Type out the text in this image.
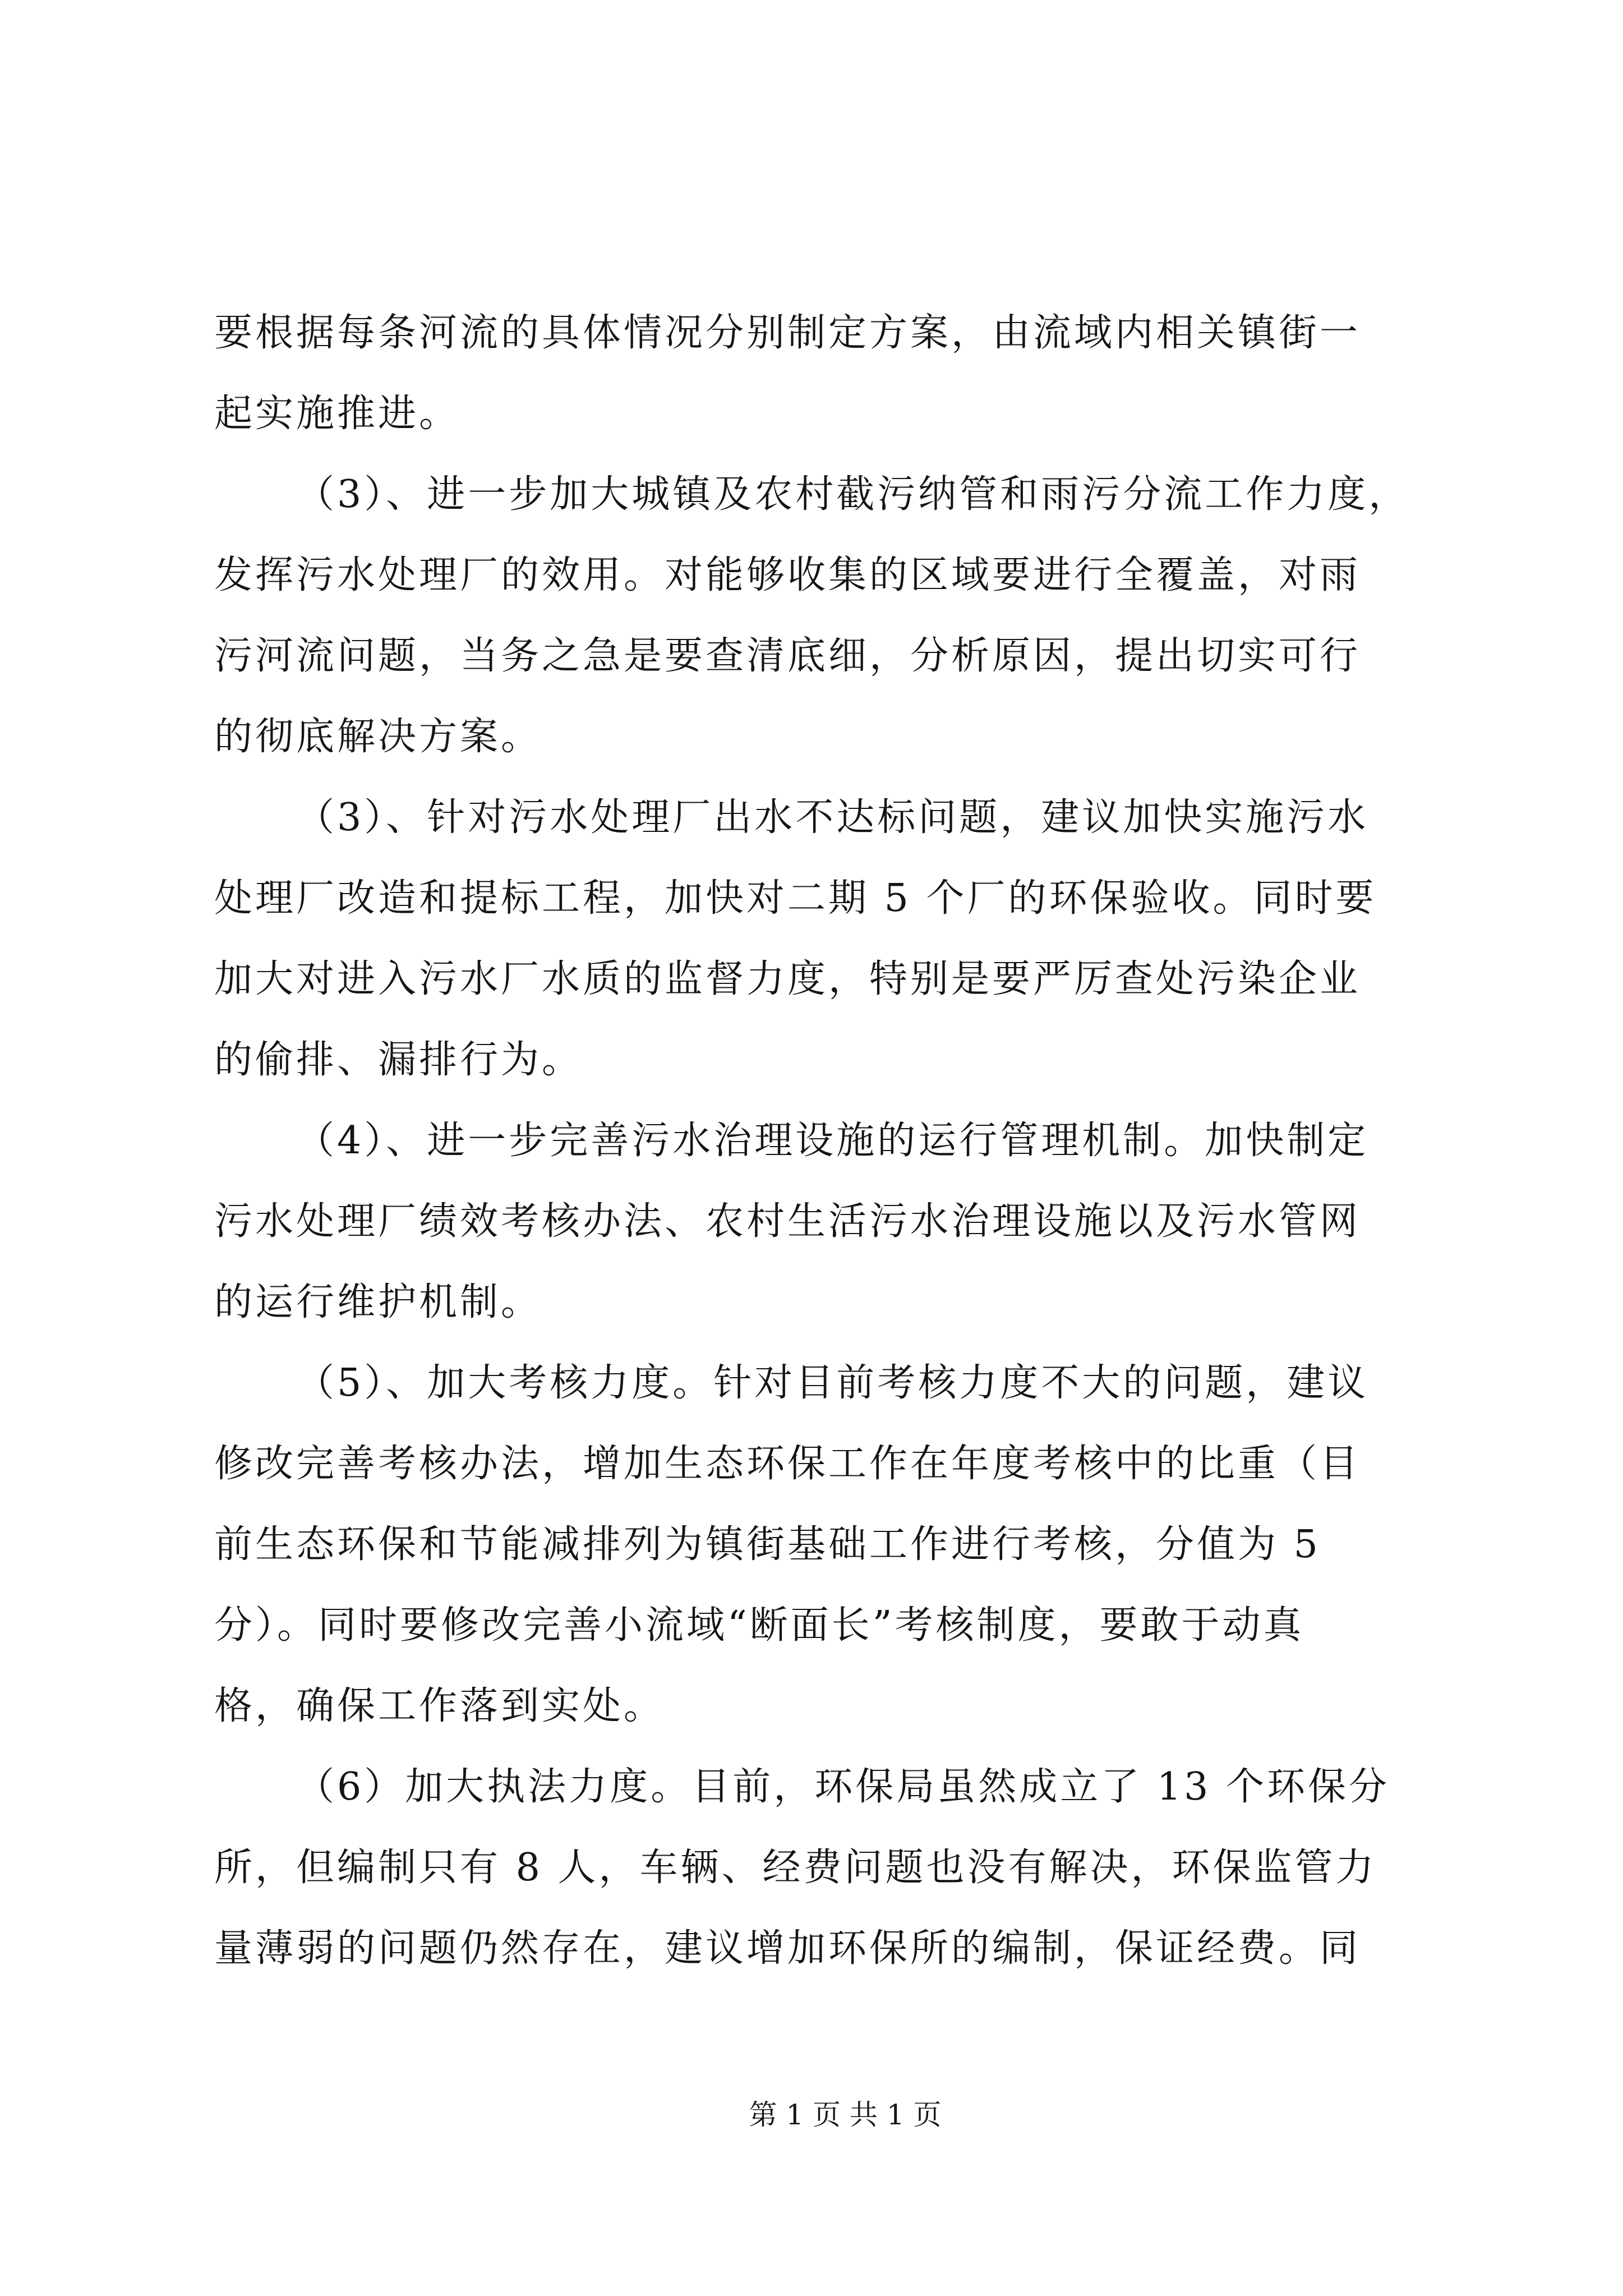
要根据每条河流的具体情况分别制定方案，由流域内相关镇街一
起实施推进。
（3）、进一步加大城镇及农村截污纳管和雨污分流工作力度，
发挥污水处理厂的效用。对能够收集的区域要进行全覆盖，对雨
污河流问题，当务之急是要查清底细，分析原因，提出切实可行
的彻底解决方案。
（3）、针对污水处理厂出水不达标问题，建议加快实施污水
处理厂改造和提标工程，加快对二期 5 个厂的环保验收。同时要
加大对进入污水厂水质的监督力度，特别是要严厉查处污染企业
的偷排、漏排行为。
（4）、进一步完善污水治理设施的运行管理机制。加快制定
污水处理厂绩效考核办法、农村生活污水治理设施以及污水管网
的运行维护机制。
（5）、加大考核力度。针对目前考核力度不大的问题，建议
修改完善考核办法，增加生态环保工作在年度考核中的比重（目
前生态环保和节能减排列为镇街基础工作进行考核，分值为 5
分）。同时要修改完善小流域“断面长”考核制度，要敢于动真
格，确保工作落到实处。
（6）加大执法力度。目前，环保局虽然成立了 13 个环保分
所，但编制只有 8 人，车辆、经费问题也没有解决，环保监管力
量薄弱的问题仍然存在，建议增加环保所的编制，保证经费。同
第 1 页 共 1 页
